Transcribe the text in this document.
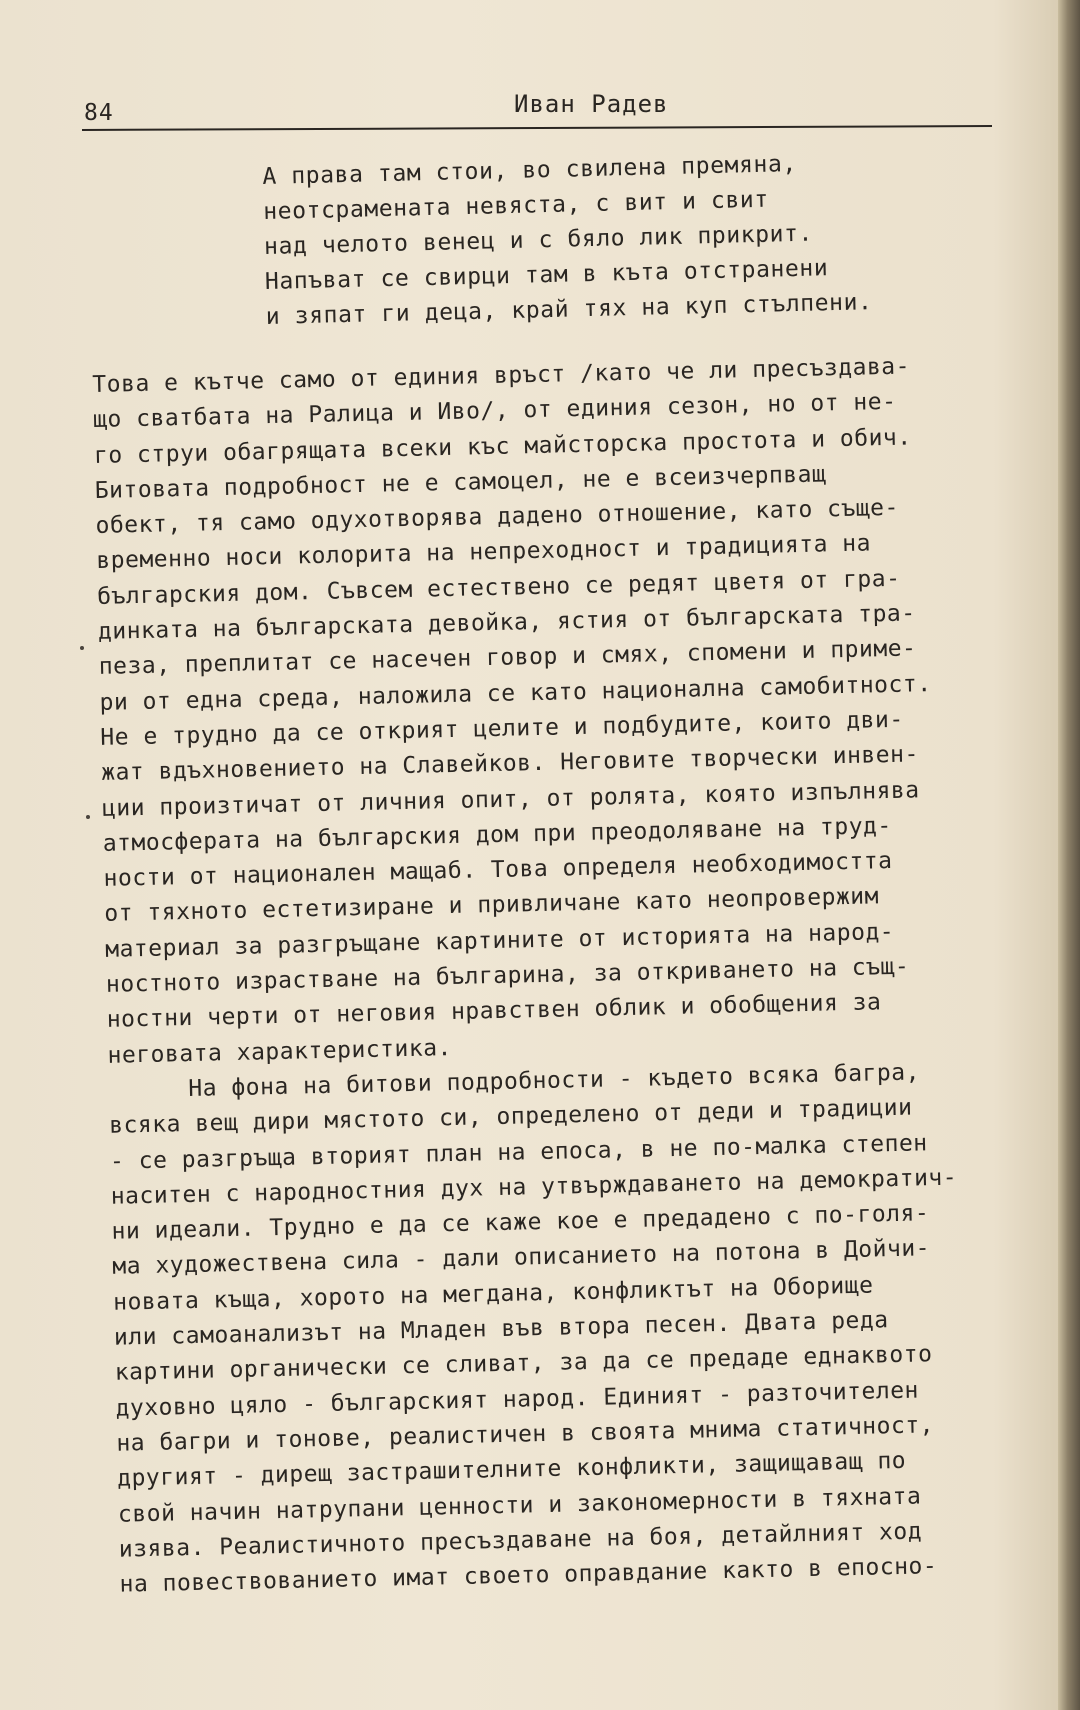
84	Иван Радев
А права там стои, во свилена премяна,
неотсрамената невяста, с вит и свит
над челото венец и с бяло лик прикрит.
Напъват се свирци там в къта отстранени
и зяпат ги деца, край тях на куп стълпени.
Това е кътче само от единия връст /като че ли пресъздава-
що сватбата на Ралица и Иво/, от единия сезон, но от не-
го струи обагрящата всеки къс майсторска простота и обич.
Битовата подробност не е самоцел, не е всеизчерпващ
обект, тя само одухотворява дадено отношение, като съще-
временно носи колорита на непреходност и традицията на
българския дом. Съвсем естествено се редят цветя от гра-
динката на българската девойка, ястия от българската тра-
пеза, преплитат се насечен говор и смях, спомени и приме-
ри от една среда, наложила се като национална самобитност.
Не е трудно да се открият целите и подбудите, които дви-
жат вдъхновението на Славейков. Неговите творчески инвен-
ции произтичат от личния опит, от ролята, която изпълнява
атмосферата на българския дом при преодоляване на труд-
ности от национален мащаб. Това определя необходимостта
от тяхното естетизиране и привличане като неопровержим
материал за разгръщане картините от историята на народ-
ностното израстване на българина, за откриването на същ-
ностни черти от неговия нравствен облик и обобщения за
неговата характеристика.
На фона на битови подробности - където всяка багра,
всяка вещ дири мястото си, определено от деди и традиции
- се разгръща вторият план на епоса, в не по-малка степен
наситен с народностния дух на утвърждаването на демократич-
ни идеали. Трудно е да се каже кое е предадено с по-голя-
ма художествена сила - дали описанието на потона в Дойчи-
новата къща, хорото на мегдана, конфликтът на Оборище
или самоанализът на Младен във втора песен. Двата реда
картини органически се сливат, за да се предаде еднаквото
духовно цяло - българският народ. Единият - разточителен
на багри и тонове, реалистичен в своята мнима статичност,
другият - дирещ застрашителните конфликти, защищаващ по
свой начин натрупани ценности и закономерности в тяхната
изява. Реалистичното пресъздаване на боя, детайлният ход
на повествованието имат своето оправдание както в епосно-
